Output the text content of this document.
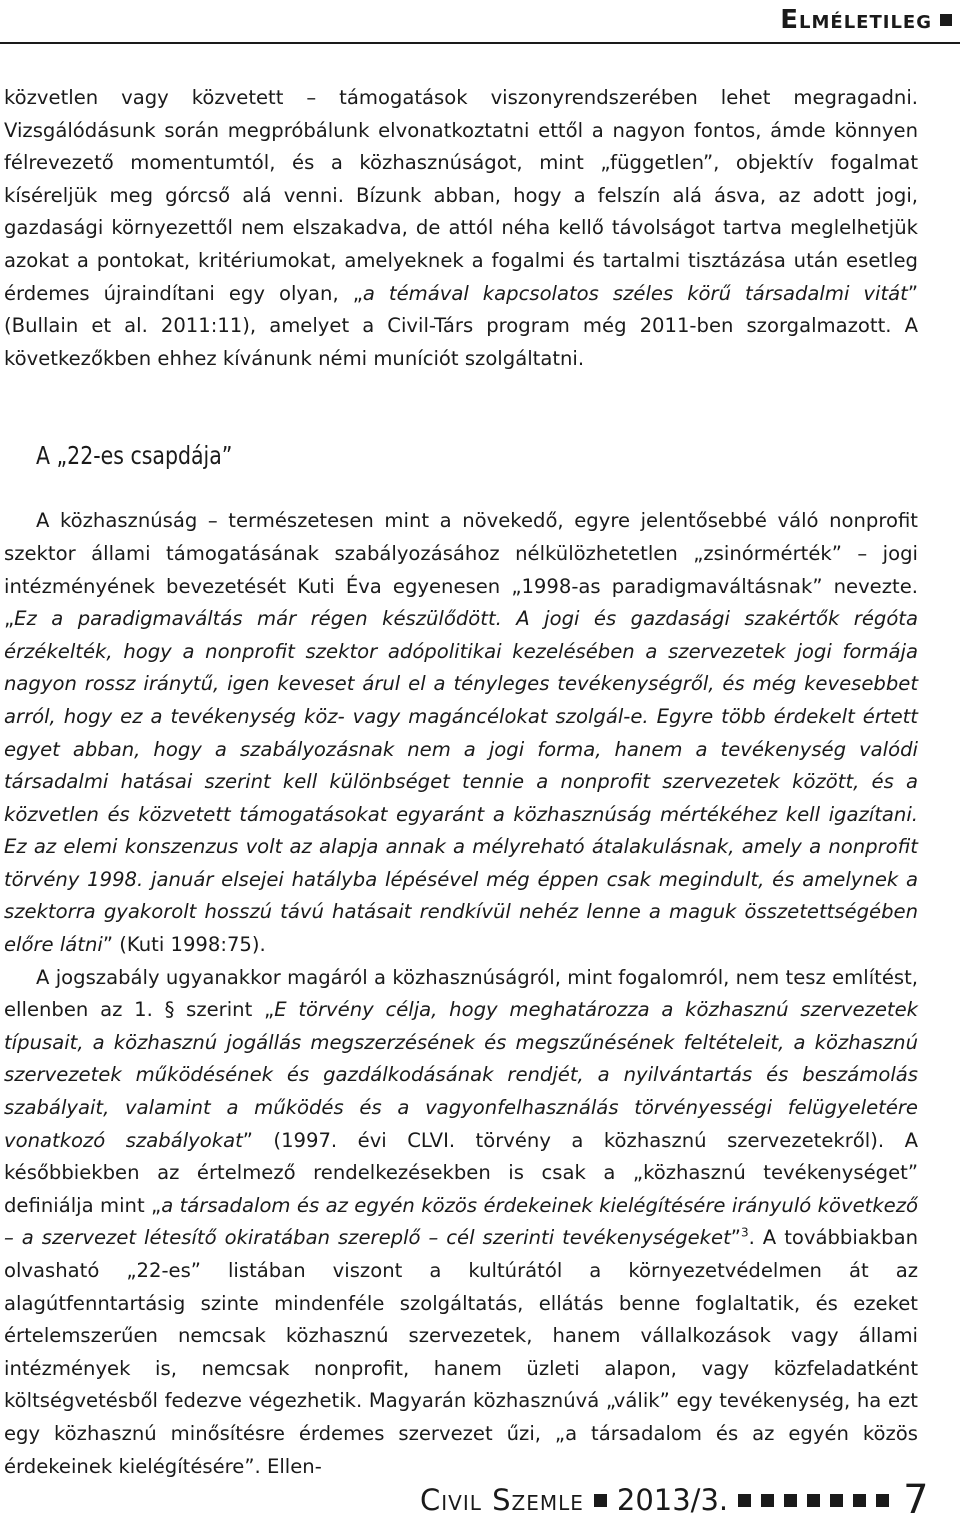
Elméletileg

közvetlen vagy közvetett – támogatások viszonyrendszerében lehet megragadni. Vizsgálódásunk során megpróbálunk elvonatkoztatni ettől a nagyon fontos, ámde könnyen félrevezető momentumtól, és a közhasznúságot, mint „független”, objektív fogalmat kíséreljük meg górcső alá venni. Bízunk abban, hogy a felszín alá ásva, az adott jogi, gazdasági környezettől nem elszakadva, de attól néha kellő távolságot tartva meglelhetjük azokat a pontokat, kritériumokat, amelyeknek a fogalmi és tartalmi tisztázása után esetleg érdemes újraindítani egy olyan, „a témával kapcsolatos széles körű társadalmi vitát” (Bullain et al. 2011:11), amelyet a Civil-Társ program még 2011-ben szorgalmazott. A következőkben ehhez kívánunk némi muníciót szolgáltatni.

A „22-es csapdája”

A közhasznúság – természetesen mint a növekedő, egyre jelentősebbé váló nonprofit szektor állami támogatásának szabályozásához nélkülözhetetlen „zsinórmérték” – jogi intézményének bevezetését Kuti Éva egyenesen „1998-as paradigmaváltásnak” nevezte. „Ez a paradigmaváltás már régen készülődött. A jogi és gazdasági szakértők régóta érzékelték, hogy a nonprofit szektor adópolitikai kezelésében a szervezetek jogi formája nagyon rossz iránytű, igen keveset árul el a tényleges tevékenységről, és még kevesebbet arról, hogy ez a tevékenység köz- vagy magáncélokat szolgál-e. Egyre több érdekelt értett egyet abban, hogy a szabályozásnak nem a jogi forma, hanem a tevékenység valódi társadalmi hatásai szerint kell különbséget tennie a nonprofit szervezetek között, és a közvetlen és közvetett támogatásokat egyaránt a közhasznúság mértékéhez kell igazítani. Ez az elemi konszenzus volt az alapja annak a mélyreható átalakulásnak, amely a nonprofit törvény 1998. január elsejei hatályba lépésével még éppen csak megindult, és amelynek a szektorra gyakorolt hosszú távú hatásait rendkívül nehéz lenne a maguk összetettségében előre látni” (Kuti 1998:75).

A jogszabály ugyanakkor magáról a közhasznúságról, mint fogalomról, nem tesz említést, ellenben az 1. § szerint „E törvény célja, hogy meghatározza a közhasznú szervezetek típusait, a közhasznú jogállás megszerzésének és megszűnésének feltételeit, a közhasznú szervezetek működésének és gazdálkodásának rendjét, a nyilvántartás és beszámolás szabályait, valamint a működés és a vagyonfelhasználás törvényességi felügyeletére vonatkozó szabályokat” (1997. évi CLVI. törvény a közhasznú szervezetekről). A későbbiekben az értelmező rendelkezésekben is csak a „közhasznú tevékenységet” definiálja mint „a társadalom és az egyén közös érdekeinek kielégítésére irányuló következő – a szervezet létesítő okiratában szereplő – cél szerinti tevékenységeket”$^3$. A továbbiakban olvasható „22-es” listában viszont a kultúrától a környezetvédelmen át az alagútfenntartásig szinte mindenféle szolgáltatás, ellátás benne foglaltatik, és ezeket értelemszerűen nemcsak közhasznú szervezetek, hanem vállalkozások vagy állami intézmények is, nemcsak nonprofit, hanem üzleti alapon, vagy közfeladatként költségvetésből fedezve végezhetik. Magyarán közhasznúvá „válik” egy tevékenység, ha ezt egy közhasznú minősítésre érdemes szervezet űzi, „a társadalom és az egyén közös érdekeinek kielégítésére”. Ellen-

Civil Szemle 2013/3.	7
